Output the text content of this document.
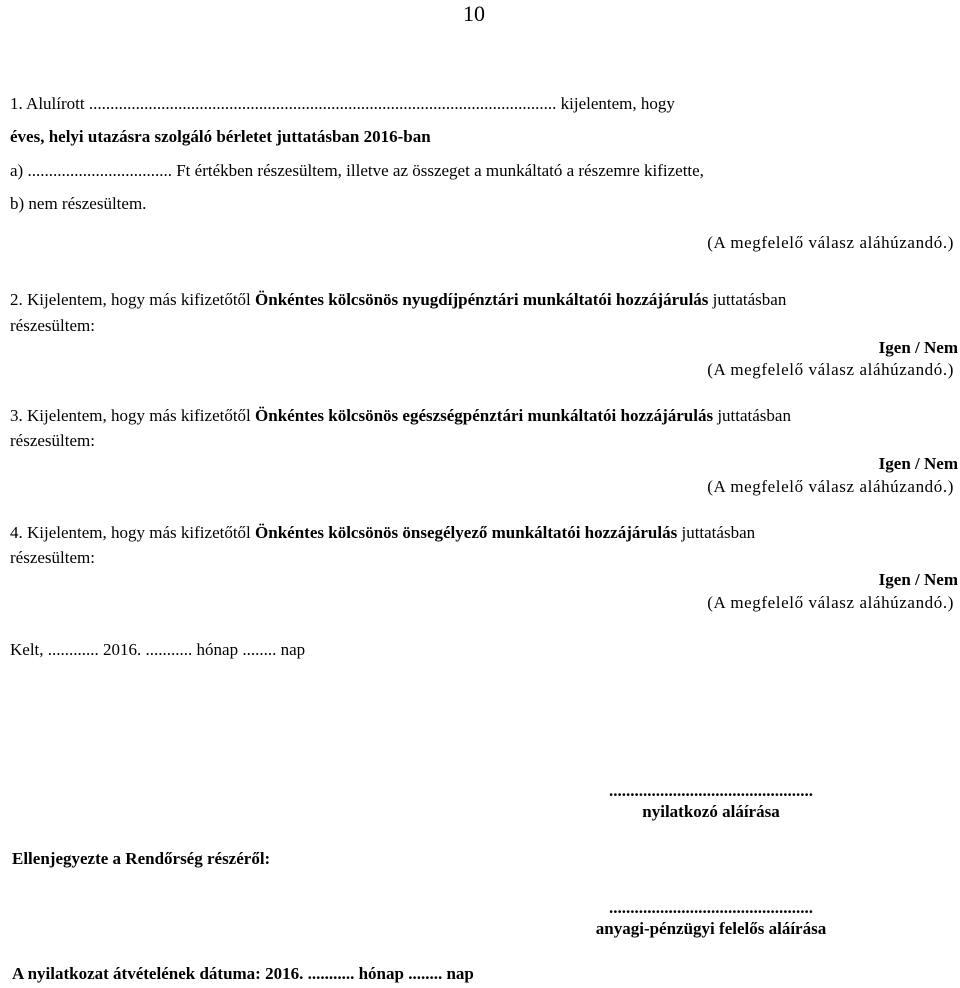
10
1. Alulírott .............................................................................................................. kijelentem, hogy
éves, helyi utazásra szolgáló bérletet juttatásban 2016-ban
a) .................................. Ft értékben részesültem, illetve az összeget a munkáltató a részemre kifizette,
b) nem részesültem.
(A megfelelő válasz aláhúzandó.)
2. Kijelentem, hogy más kifizetőtől Önkéntes kölcsönös nyugdíjpénztári munkáltatói hozzájárulás juttatásban
részesültem:
Igen / Nem
(A megfelelő válasz aláhúzandó.)
3. Kijelentem, hogy más kifizetőtől Önkéntes kölcsönös egészségpénztári munkáltatói hozzájárulás juttatásban
részesültem:
Igen / Nem
(A megfelelő válasz aláhúzandó.)
4. Kijelentem, hogy más kifizetőtől Önkéntes kölcsönös önsegélyező munkáltatói hozzájárulás juttatásban
részesültem:
Igen / Nem
(A megfelelő válasz aláhúzandó.)
Kelt, ............ 2016. ........... hónap ........ nap
................................................
nyilatkozó aláírása
Ellenjegyezte a Rendőrség részéről:
................................................
anyagi-pénzügyi felelős aláírása
A nyilatkozat átvételének dátuma: 2016. ........... hónap ........ nap
